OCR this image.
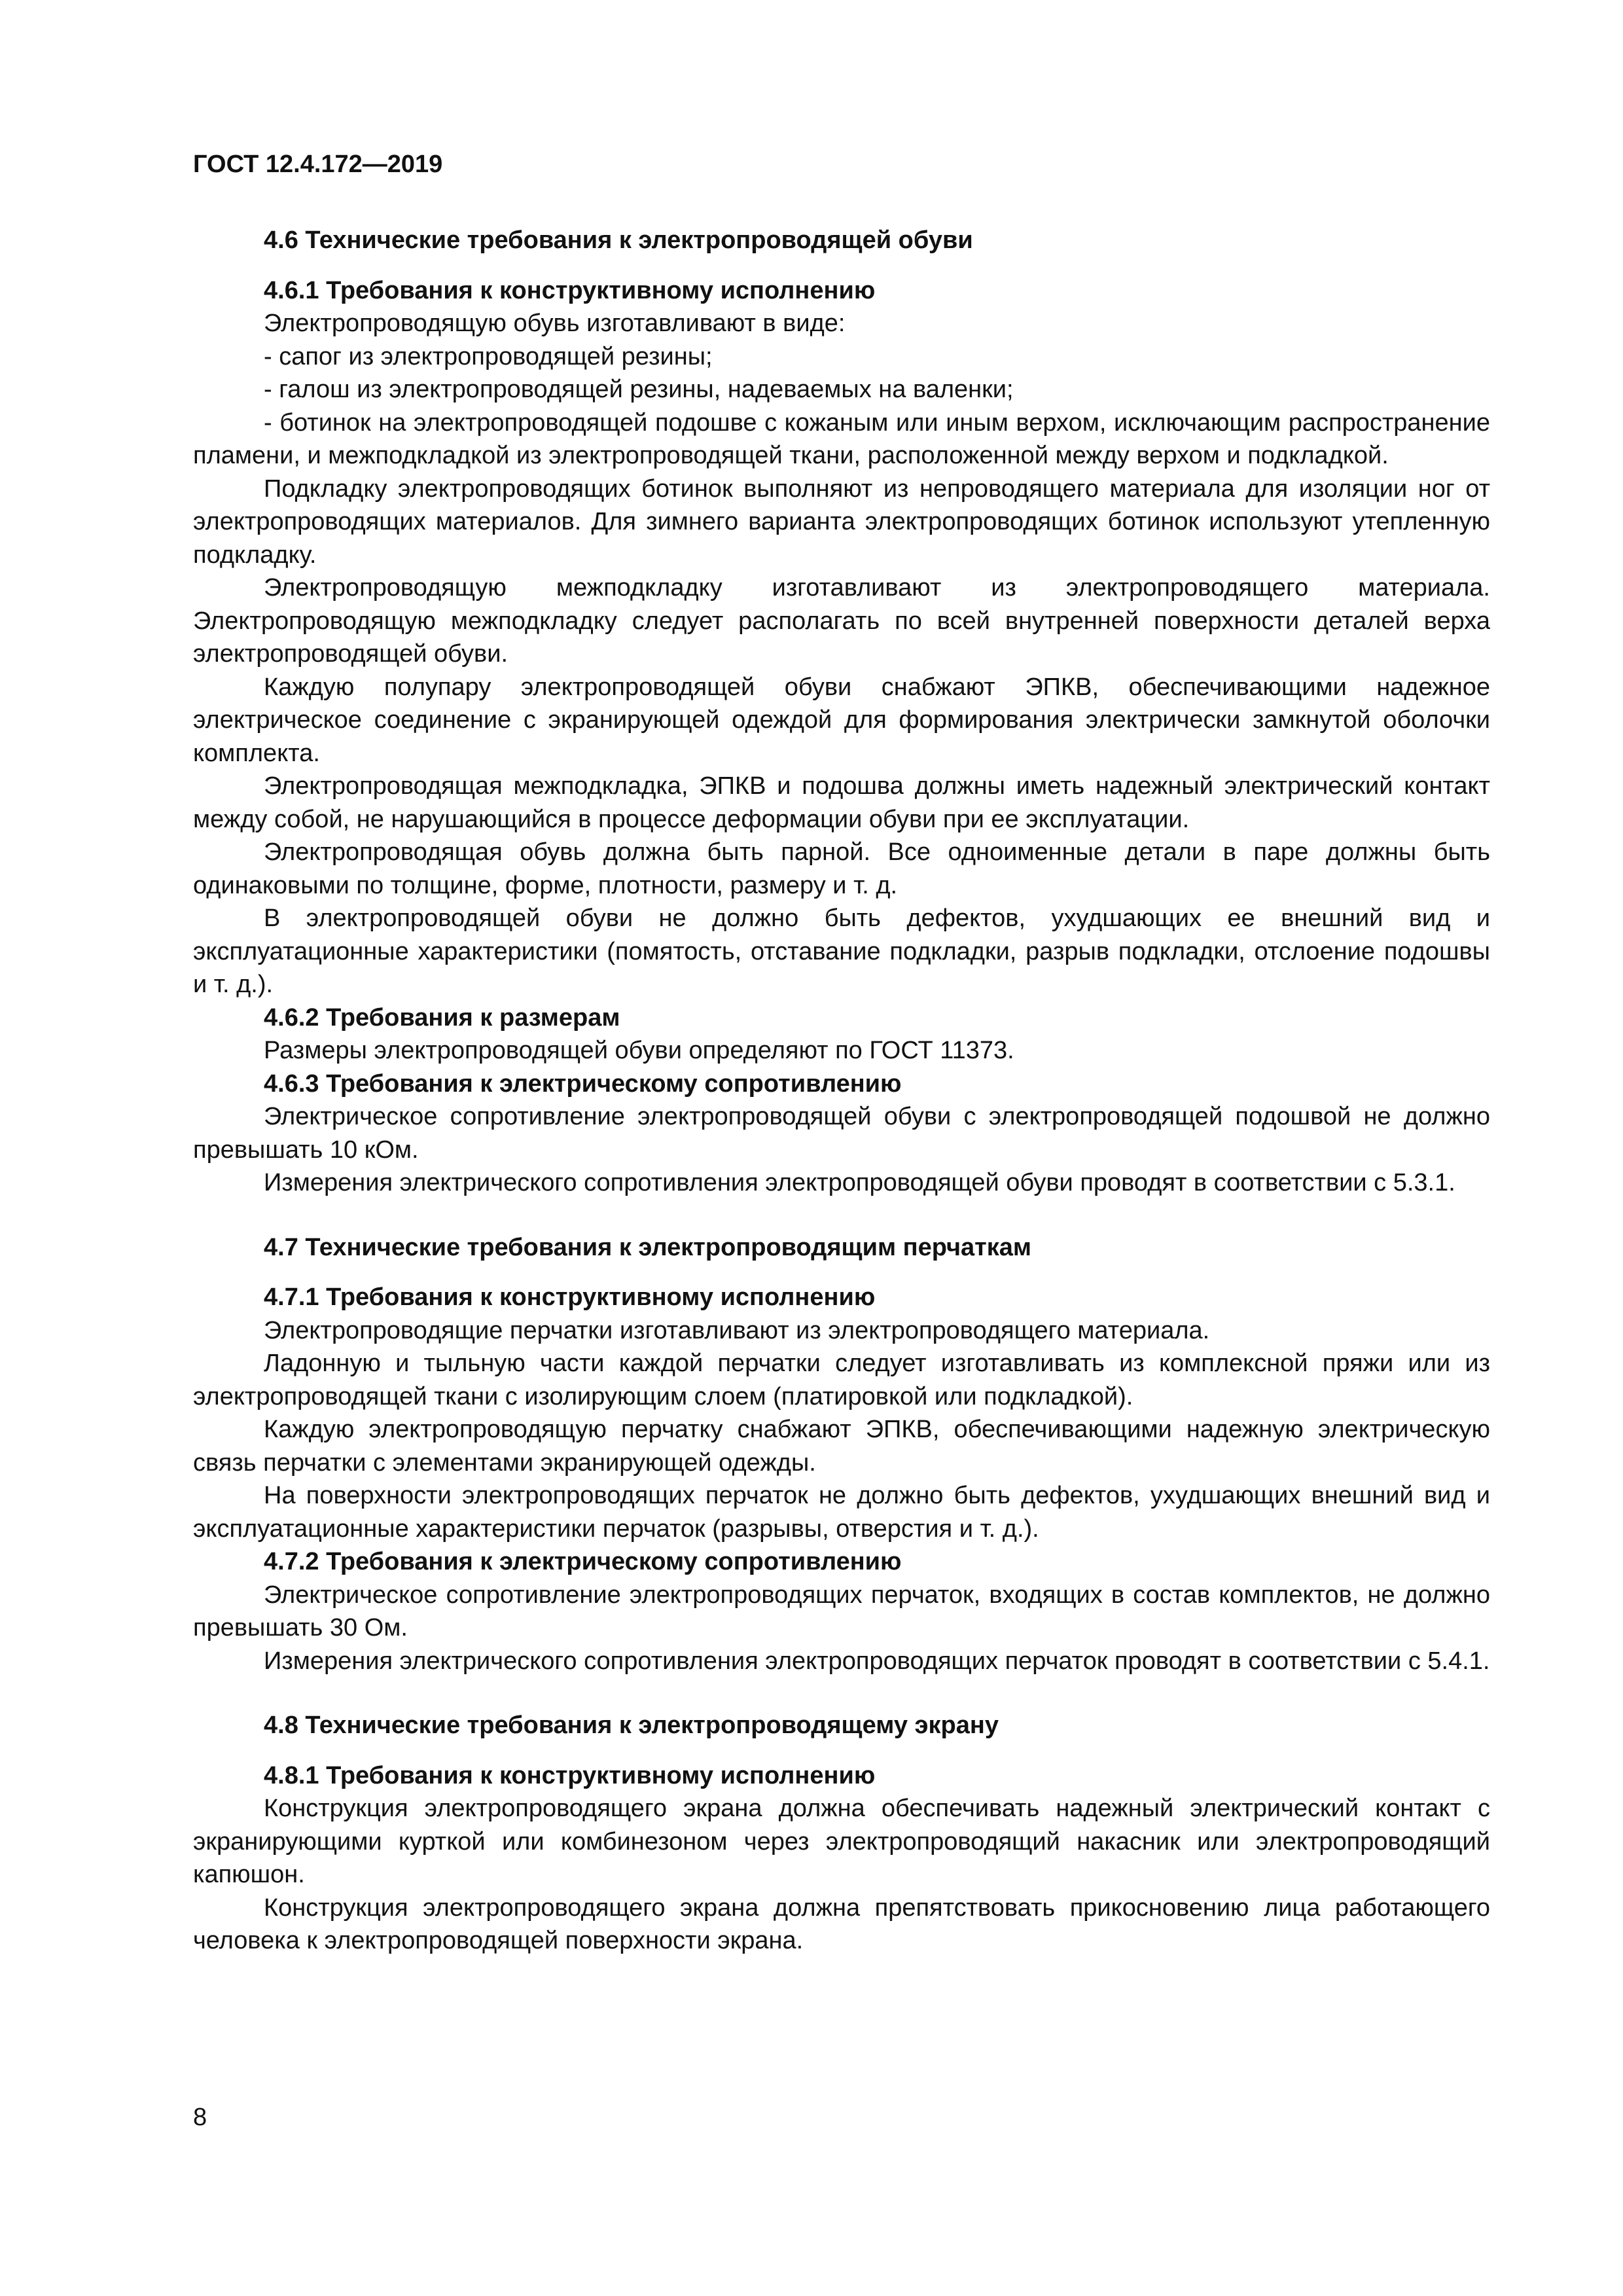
ГОСТ 12.4.172—2019
4.6 Технические требования к электропроводящей обуви
4.6.1 Требования к конструктивному исполнению

Электропроводящую обувь изготавливают в виде:

- сапог из электропроводящей резины;

- галош из электропроводящей резины, надеваемых на валенки;

- ботинок на электропроводящей подошве с кожаным или иным верхом, исключающим распространение пламени, и межподкладкой из электропроводящей ткани, расположенной между верхом и подкладкой.

Подкладку электропроводящих ботинок выполняют из непроводящего материала для изоляции ног от электропроводящих материалов. Для зимнего варианта электропроводящих ботинок используют утепленную подкладку.

Электропроводящую межподкладку изготавливают из электропроводящего материала. Электропроводящую межподкладку следует располагать по всей внутренней поверхности деталей верха электропроводящей обуви.

Каждую полупару электропроводящей обуви снабжают ЭПКВ, обеспечивающими надежное электрическое соединение с экранирующей одеждой для формирования электрически замкнутой оболочки комплекта.

Электропроводящая межподкладка, ЭПКВ и подошва должны иметь надежный электрический контакт между собой, не нарушающийся в процессе деформации обуви при ее эксплуатации.

Электропроводящая обувь должна быть парной. Все одноименные детали в паре должны быть одинаковыми по толщине, форме, плотности, размеру и т. д.

В электропроводящей обуви не должно быть дефектов, ухудшающих ее внешний вид и эксплуатационные характеристики (помятость, отставание подкладки, разрыв подкладки, отслоение подошвы и т. д.).

4.6.2 Требования к размерам

Размеры электропроводящей обуви определяют по ГОСТ 11373.

4.6.3 Требования к электрическому сопротивлению

Электрическое сопротивление электропроводящей обуви с электропроводящей подошвой не должно превышать 10 кОм.

Измерения электрического сопротивления электропроводящей обуви проводят в соответствии с 5.3.1.

4.7 Технические требования к электропроводящим перчаткам
4.7.1 Требования к конструктивному исполнению

Электропроводящие перчатки изготавливают из электропроводящего материала.

Ладонную и тыльную части каждой перчатки следует изготавливать из комплексной пряжи или из электропроводящей ткани с изолирующим слоем (платировкой или подкладкой).

Каждую электропроводящую перчатку снабжают ЭПКВ, обеспечивающими надежную электрическую связь перчатки с элементами экранирующей одежды.

На поверхности электропроводящих перчаток не должно быть дефектов, ухудшающих внешний вид и эксплуатационные характеристики перчаток (разрывы, отверстия и т. д.).

4.7.2 Требования к электрическому сопротивлению

Электрическое сопротивление электропроводящих перчаток, входящих в состав комплектов, не должно превышать 30 Ом.

Измерения электрического сопротивления электропроводящих перчаток проводят в соответствии с 5.4.1.

4.8 Технические требования к электропроводящему экрану
4.8.1 Требования к конструктивному исполнению

Конструкция электропроводящего экрана должна обеспечивать надежный электрический контакт с экранирующими курткой или комбинезоном через электропроводящий накасник или электропроводящий капюшон.

Конструкция электропроводящего экрана должна препятствовать прикосновению лица работающего человека к электропроводящей поверхности экрана.

8
